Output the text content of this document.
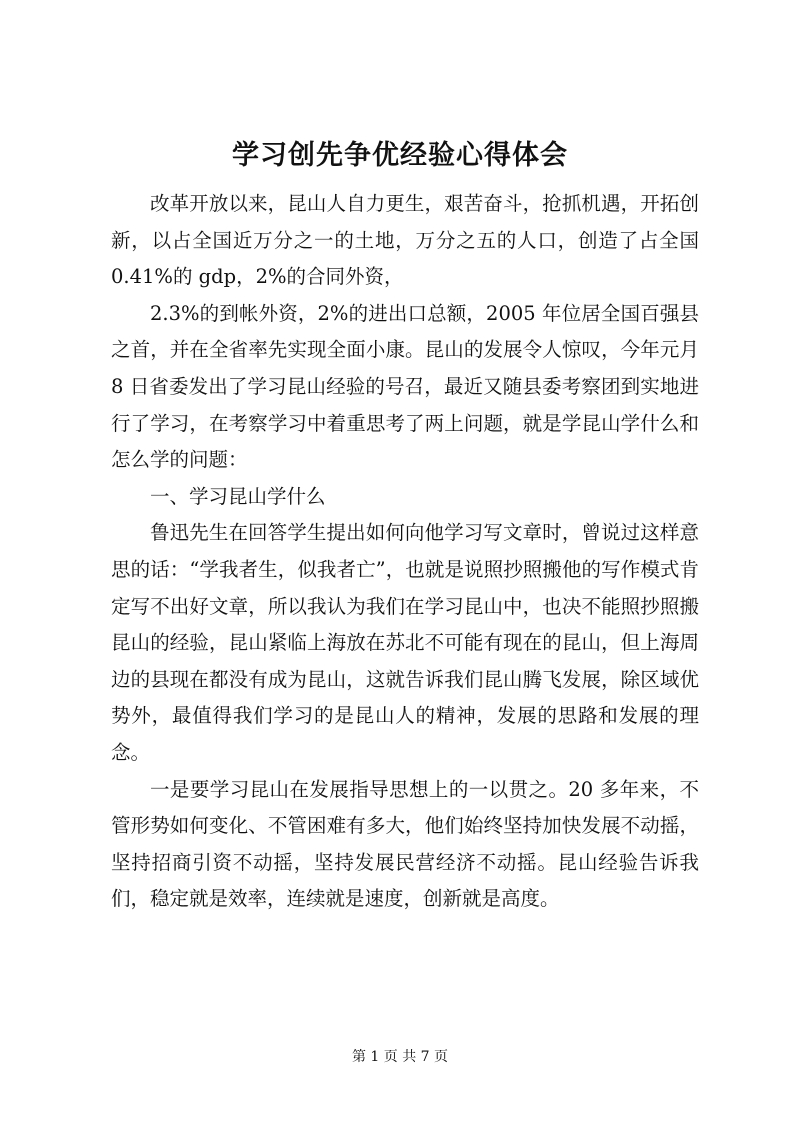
学习创先争优经验心得体会

改革开放以来，昆山人自力更生，艰苦奋斗，抢抓机遇，开拓创新，以占全国近万分之一的土地，万分之五的人口，创造了占全国 0.41%的 gdp，2%的合同外资，

2.3%的到帐外资，2%的进出口总额，2005 年位居全国百强县之首，并在全省率先实现全面小康。昆山的发展令人惊叹，今年元月 8 日省委发出了学习昆山经验的号召，最近又随县委考察团到实地进行了学习，在考察学习中着重思考了两上问题，就是学昆山学什么和怎么学的问题：

一、学习昆山学什么

鲁迅先生在回答学生提出如何向他学习写文章时，曾说过这样意思的话：“学我者生，似我者亡”，也就是说照抄照搬他的写作模式肯定写不出好文章，所以我认为我们在学习昆山中，也决不能照抄照搬昆山的经验，昆山紧临上海放在苏北不可能有现在的昆山，但上海周边的县现在都没有成为昆山，这就告诉我们昆山腾飞发展，除区域优势外，最值得我们学习的是昆山人的精神，发展的思路和发展的理念。

一是要学习昆山在发展指导思想上的一以贯之。20 多年来，不管形势如何变化、不管困难有多大，他们始终坚持加快发展不动摇，坚持招商引资不动摇，坚持发展民营经济不动摇。昆山经验告诉我们，稳定就是效率，连续就是速度，创新就是高度。

第 1 页 共 7 页
